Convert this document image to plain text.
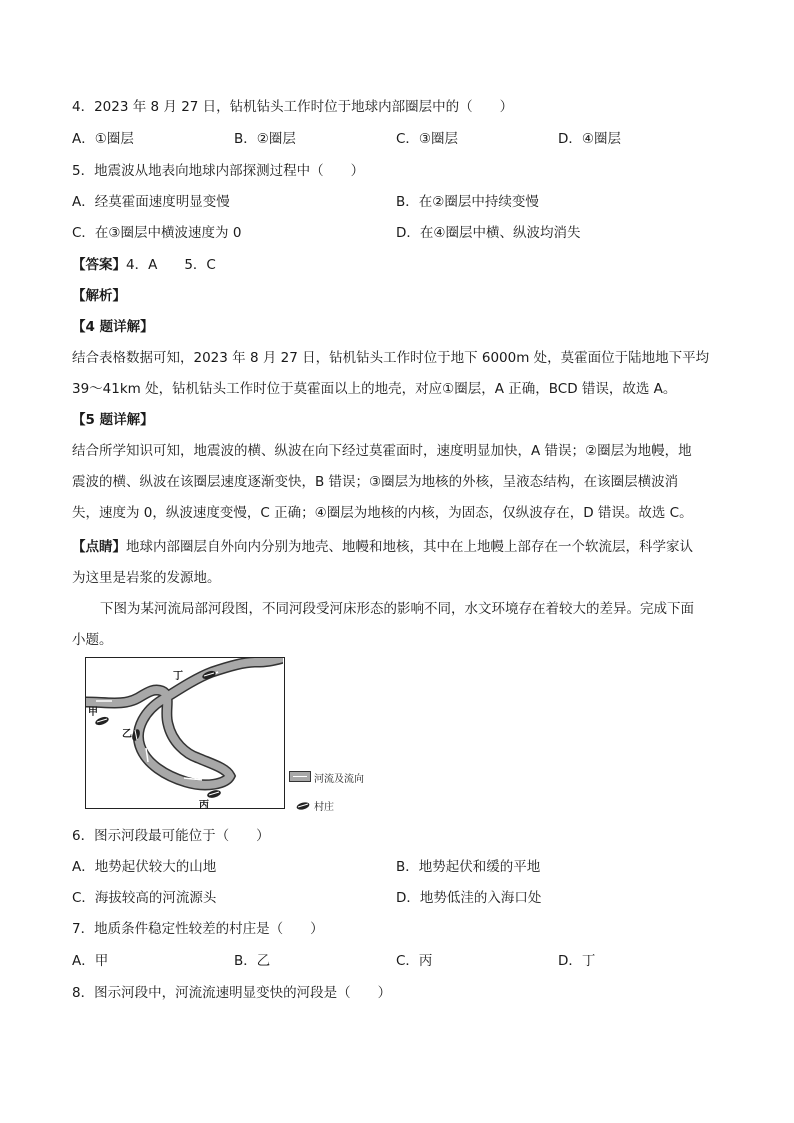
4．2023 年 8 月 27 日，钻机钻头工作时位于地球内部圈层中的（　　）
A．①圈层	B．②圈层	C．③圈层	D．④圈层
5．地震波从地表向地球内部探测过程中（　　）
A．经莫霍面速度明显变慢	B．在②圈层中持续变慢
C．在③圈层中横波速度为 0	D．在④圈层中横、纵波均消失
【答案】4．A　　5．C
【解析】
【4 题详解】
结合表格数据可知，2023 年 8 月 27 日，钻机钻头工作时位于地下 6000m 处，莫霍面位于陆地地下平均
39～41km 处，钻机钻头工作时位于莫霍面以上的地壳，对应①圈层，A 正确，BCD 错误，故选 A。
【5 题详解】
结合所学知识可知，地震波的横、纵波在向下经过莫霍面时，速度明显加快，A 错误；②圈层为地幔，地
震波的横、纵波在该圈层速度逐渐变快，B 错误；③圈层为地核的外核，呈液态结构，在该圈层横波消
失，速度为 0，纵波速度变慢，C 正确；④圈层为地核的内核，为固态，仅纵波存在，D 错误。故选 C。
【点睛】地球内部圈层自外向内分别为地壳、地幔和地核，其中在上地幔上部存在一个软流层，科学家认
为这里是岩浆的发源地。
下图为某河流局部河段图，不同河段受河床形态的影响不同，水文环境存在着较大的差异。完成下面
小题。
甲
乙
丙
丁
河流及流向
村庄
6．图示河段最可能位于（　　）
A．地势起伏较大的山地	B．地势起伏和缓的平地
C．海拔较高的河流源头	D．地势低洼的入海口处
7．地质条件稳定性较差的村庄是（　　）
A．甲	B．乙	C．丙	D．丁
8．图示河段中，河流流速明显变快的河段是（　　）
